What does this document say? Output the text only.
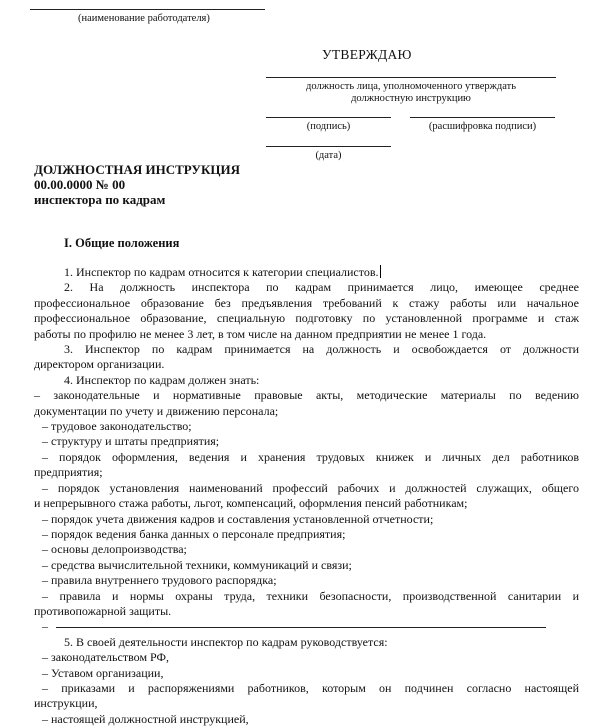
(наименование работодателя)
УТВЕРЖДАЮ
должность лица, уполномоченного утверждать
должностную инструкцию
(подпись)	(расшифровка подписи)
(дата)
ДОЛЖНОСТНАЯ ИНСТРУКЦИЯ
00.00.0000 № 00
инспектора по кадрам
I. Общие положения
1. Инспектор по кадрам относится к категории специалистов.
2. На должность инспектора по кадрам принимается лицо, имеющее среднее
профессиональное образование без предъявления требований к стажу работы или начальное
профессиональное образование, специальную подготовку по установленной программе и стаж
работы по профилю не менее 3 лет, в том числе на данном предприятии не менее 1 года.
3. Инспектор по кадрам принимается на должность и освобождается от должности
директором организации.
4. Инспектор по кадрам должен знать:
– законодательные и нормативные правовые акты, методические материалы по ведению
документации по учету и движению персонала;
– трудовое законодательство;
– структуру и штаты предприятия;
– порядок оформления, ведения и хранения трудовых книжек и личных дел работников
предприятия;
– порядок установления наименований профессий рабочих и должностей служащих, общего
и непрерывного стажа работы, льгот, компенсаций, оформления пенсий работникам;
– порядок учета движения кадров и составления установленной отчетности;
– порядок ведения банка данных о персонале предприятия;
– основы делопроизводства;
– средства вычислительной техники, коммуникаций и связи;
– правила внутреннего трудового распорядка;
– правила и нормы охраны труда, техники безопасности, производственной санитарии и
противопожарной защиты.
–
5. В своей деятельности инспектор по кадрам руководствуется:
– законодательством РФ,
– Уставом организации,
– приказами и распоряжениями работников, которым он подчинен согласно настоящей
инструкции,
– настоящей должностной инструкцией,
